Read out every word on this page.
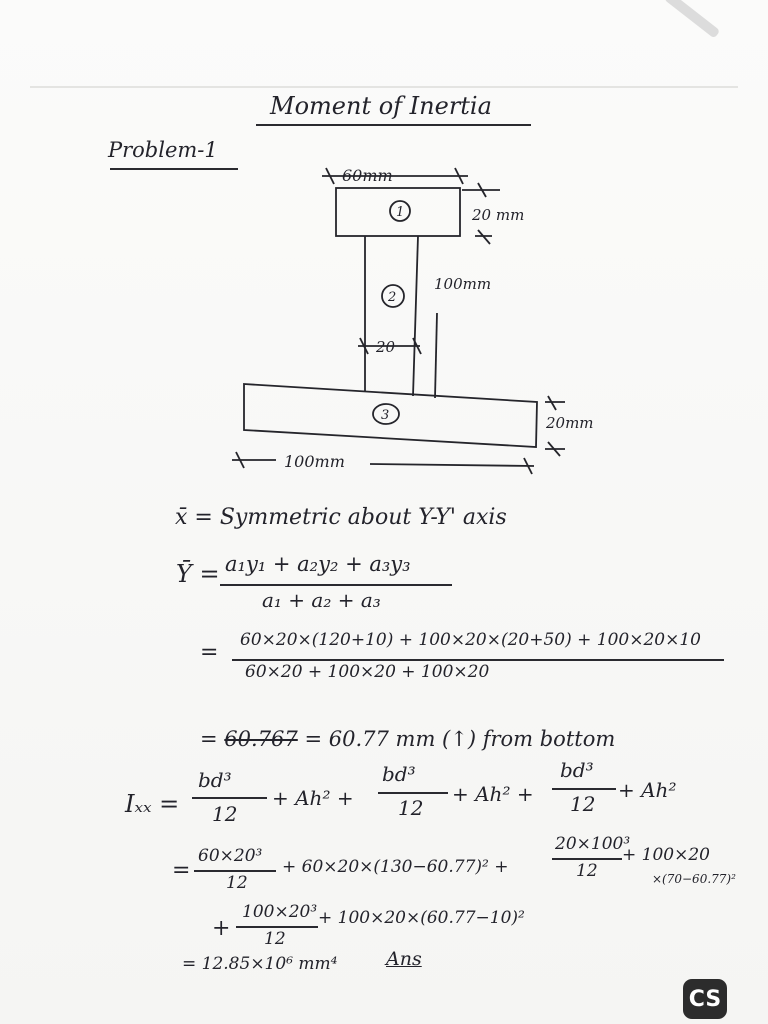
Moment of Inertia
Problem-1
60mm
20 mm
100mm
20
20mm
100mm
1
2
3
x̄ = Symmetric about Y-Y' axis
Ȳ = a₁y₁ + a₂y₂ + a₃y₃
a₁ + a₂ + a₃
= 60×20×(120+10) + 100×20×(20+50) + 100×20×10
60×20 + 100×20 + 100×20
= 60.767 = 60.77 mm (↑) from bottom
Iₓₓ =
bd³
12
+ Ah² +
bd³
12
+ Ah² +
bd³
12
+ Ah²
=
60×20³
12
+ 60×20×(130−60.77)² +
20×100³
12
+ 100×20
×(70−60.77)²
+
100×20³
12
+ 100×20×(60.77−10)²
= 12.85×10⁶ mm⁴	Ans
CS
